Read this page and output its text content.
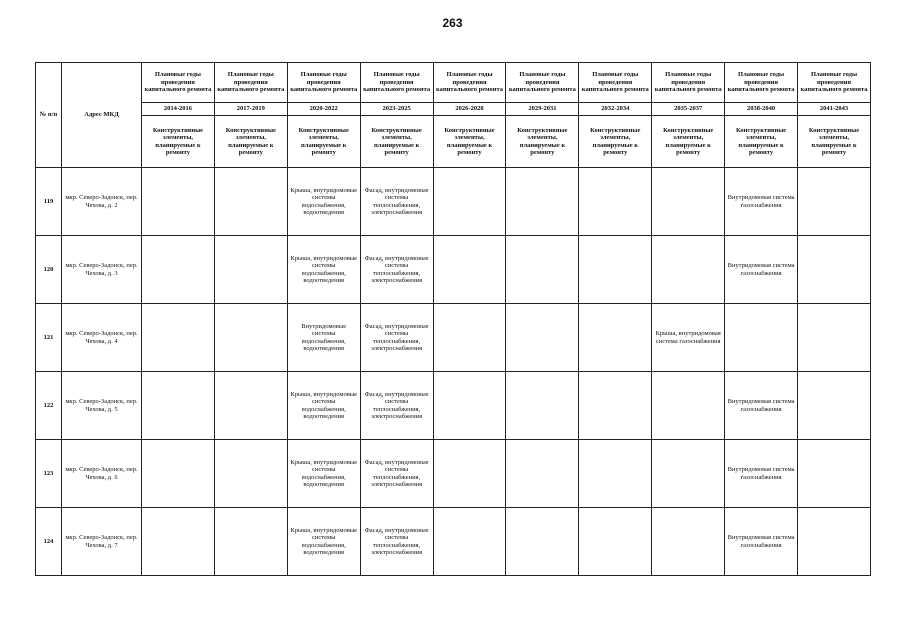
263
№ п/п	Адрес МКД	Плановые годы проведения капитального ремонта	Плановые годы проведения капитального ремонта	Плановые годы проведения капитального ремонта	Плановые годы проведения капитального ремонта	Плановые годы проведения капитального ремонта	Плановые годы проведения капитального ремонта	Плановые годы проведения капитального ремонта	Плановые годы проведения капитального ремонта	Плановые годы проведения капитального ремонта	Плановые годы проведения капитального ремонта
		2014-2016	2017-2019	2020-2022	2023-2025	2026-2028	2029-2031	2032-2034	2035-2037	2038-2040	2041-2043
		Конструктивные элементы, планируемые к ремонту	Конструктивные элементы, планируемые к ремонту	Конструктивные элементы, планируемые к ремонту	Конструктивные элементы, планируемые к ремонту	Конструктивные элементы, планируемые к ремонту	Конструктивные элементы, планируемые к ремонту	Конструктивные элементы, планируемые к ремонту	Конструктивные элементы, планируемые к ремонту	Конструктивные элементы, планируемые к ремонту	Конструктивные элементы, планируемые к ремонту
119	мкр. Северо-Задонск, пер. Чехова, д. 2			Крыша, внутридомовые системы водоснабжения, водоотведения	Фасад, внутридомовые системы теплоснабжения, электроснабжения					Внутридомовая система газоснабжения	
120	мкр. Северо-Задонск, пер. Чехова, д. 3			Крыша, внутридомовые системы водоснабжения, водоотведения	Фасад, внутридомовые системы теплоснабжения, электроснабжения					Внутридомовая система газоснабжения	
121	мкр. Северо-Задонск, пер. Чехова, д. 4			Внутридомовые системы водоснабжения, водоотведения	Фасад, внутридомовые системы теплоснабжения, электроснабжения				Крыша, внутридомовая система газоснабжения		
122	мкр. Северо-Задонск, пер. Чехова, д. 5			Крыша, внутридомовые системы водоснабжения, водоотведения	Фасад, внутридомовые системы теплоснабжения, электроснабжения					Внутридомовая система газоснабжения	
123	мкр. Северо-Задонск, пер. Чехова, д. 6			Крыша, внутридомовые системы водоснабжения, водоотведения	Фасад, внутридомовые системы теплоснабжения, электроснабжения					Внутридомовая система газоснабжения	
124	мкр. Северо-Задонск, пер. Чехова, д. 7			Крыша, внутридомовые системы водоснабжения, водоотведения	Фасад, внутридомовые системы теплоснабжения, электроснабжения					Внутридомовая система газоснабжения	
